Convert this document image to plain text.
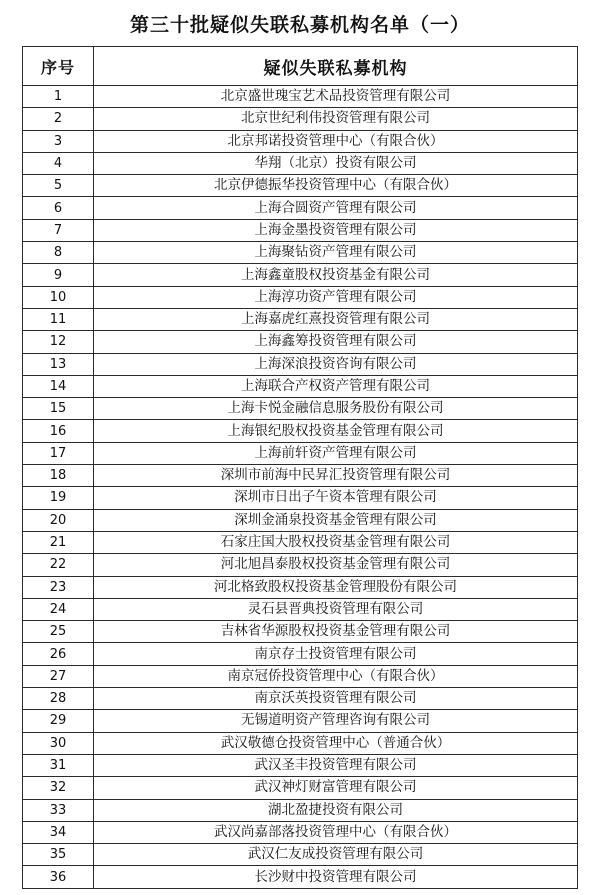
第三十批疑似失联私募机构名单（一）
序号	疑似失联私募机构
1	北京盛世瑰宝艺术品投资管理有限公司
2	北京世纪利伟投资管理有限公司
3	北京邦诺投资管理中心（有限合伙）
4	华翔（北京）投资有限公司
5	北京伊德振华投资管理中心（有限合伙）
6	上海合圆资产管理有限公司
7	上海金墨投资管理有限公司
8	上海聚钻资产管理有限公司
9	上海鑫童股权投资基金有限公司
10	上海淳功资产管理有限公司
11	上海嘉虎红熹投资管理有限公司
12	上海鑫筹投资管理有限公司
13	上海深浪投资咨询有限公司
14	上海联合产权资产管理有限公司
15	上海卡悦金融信息服务股份有限公司
16	上海银纪股权投资基金管理有限公司
17	上海前轩资产管理有限公司
18	深圳市前海中民昇汇投资管理有限公司
19	深圳市日出子午资本管理有限公司
20	深圳金涌泉投资基金管理有限公司
21	石家庄国大股权投资基金管理有限公司
22	河北旭昌泰股权投资基金管理有限公司
23	河北格致股权投资基金管理股份有限公司
24	灵石县晋典投资管理有限公司
25	吉林省华源股权投资基金管理有限公司
26	南京存士投资管理有限公司
27	南京冠侨投资管理中心（有限合伙）
28	南京沃英投资管理有限公司
29	无锡道明资产管理咨询有限公司
30	武汉敬德仓投资管理中心（普通合伙）
31	武汉圣丰投资管理有限公司
32	武汉神灯财富管理有限公司
33	湖北盈捷投资有限公司
34	武汉尚嘉部落投资管理中心（有限合伙）
35	武汉仁友成投资管理有限公司
36	长沙财中投资管理有限公司
